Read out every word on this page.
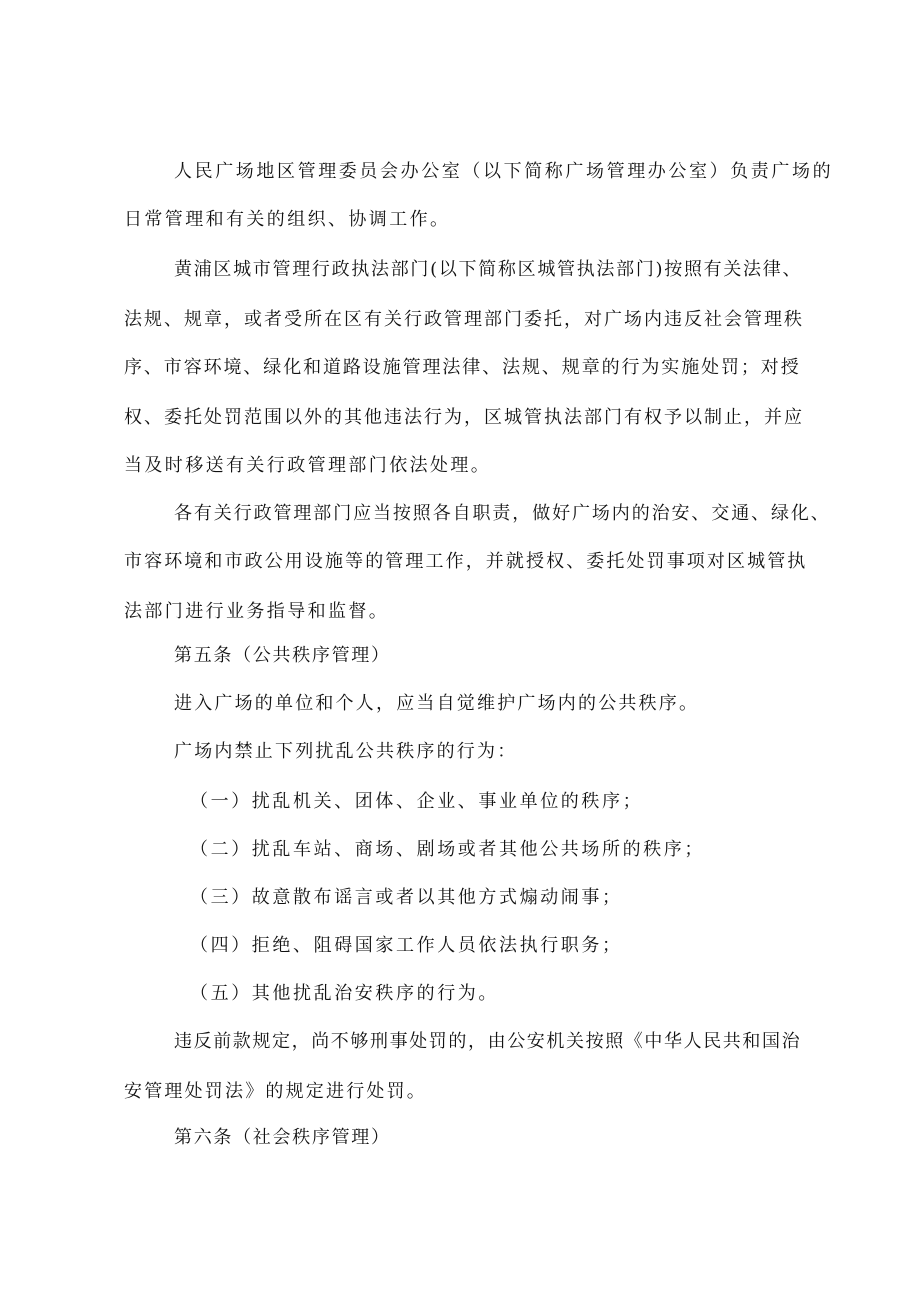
人民广场地区管理委员会办公室（以下简称广场管理办公室）负责广场的
日常管理和有关的组织、协调工作。
黄浦区城市管理行政执法部门(以下简称区城管执法部门)按照有关法律、
法规、规章，或者受所在区有关行政管理部门委托，对广场内违反社会管理秩
序、市容环境、绿化和道路设施管理法律、法规、规章的行为实施处罚；对授
权、委托处罚范围以外的其他违法行为，区城管执法部门有权予以制止，并应
当及时移送有关行政管理部门依法处理。
各有关行政管理部门应当按照各自职责，做好广场内的治安、交通、绿化、
市容环境和市政公用设施等的管理工作，并就授权、委托处罚事项对区城管执
法部门进行业务指导和监督。
第五条（公共秩序管理）
进入广场的单位和个人，应当自觉维护广场内的公共秩序。
广场内禁止下列扰乱公共秩序的行为：
（一）扰乱机关、团体、企业、事业单位的秩序；
（二）扰乱车站、商场、剧场或者其他公共场所的秩序；
（三）故意散布谣言或者以其他方式煽动闹事；
（四）拒绝、阻碍国家工作人员依法执行职务；
（五）其他扰乱治安秩序的行为。
违反前款规定，尚不够刑事处罚的，由公安机关按照《中华人民共和国治
安管理处罚法》的规定进行处罚。
第六条（社会秩序管理）
